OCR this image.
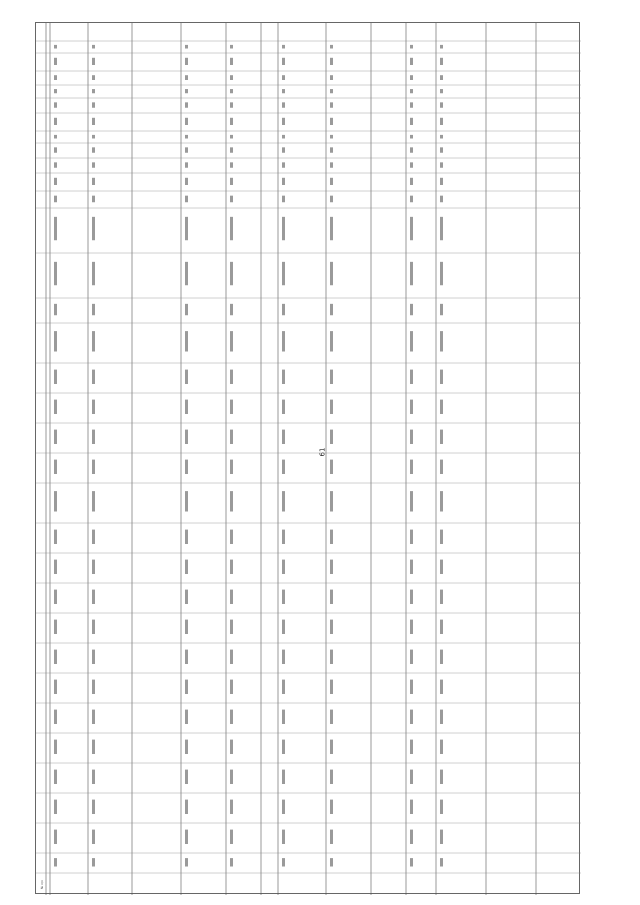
61
№ п/п
